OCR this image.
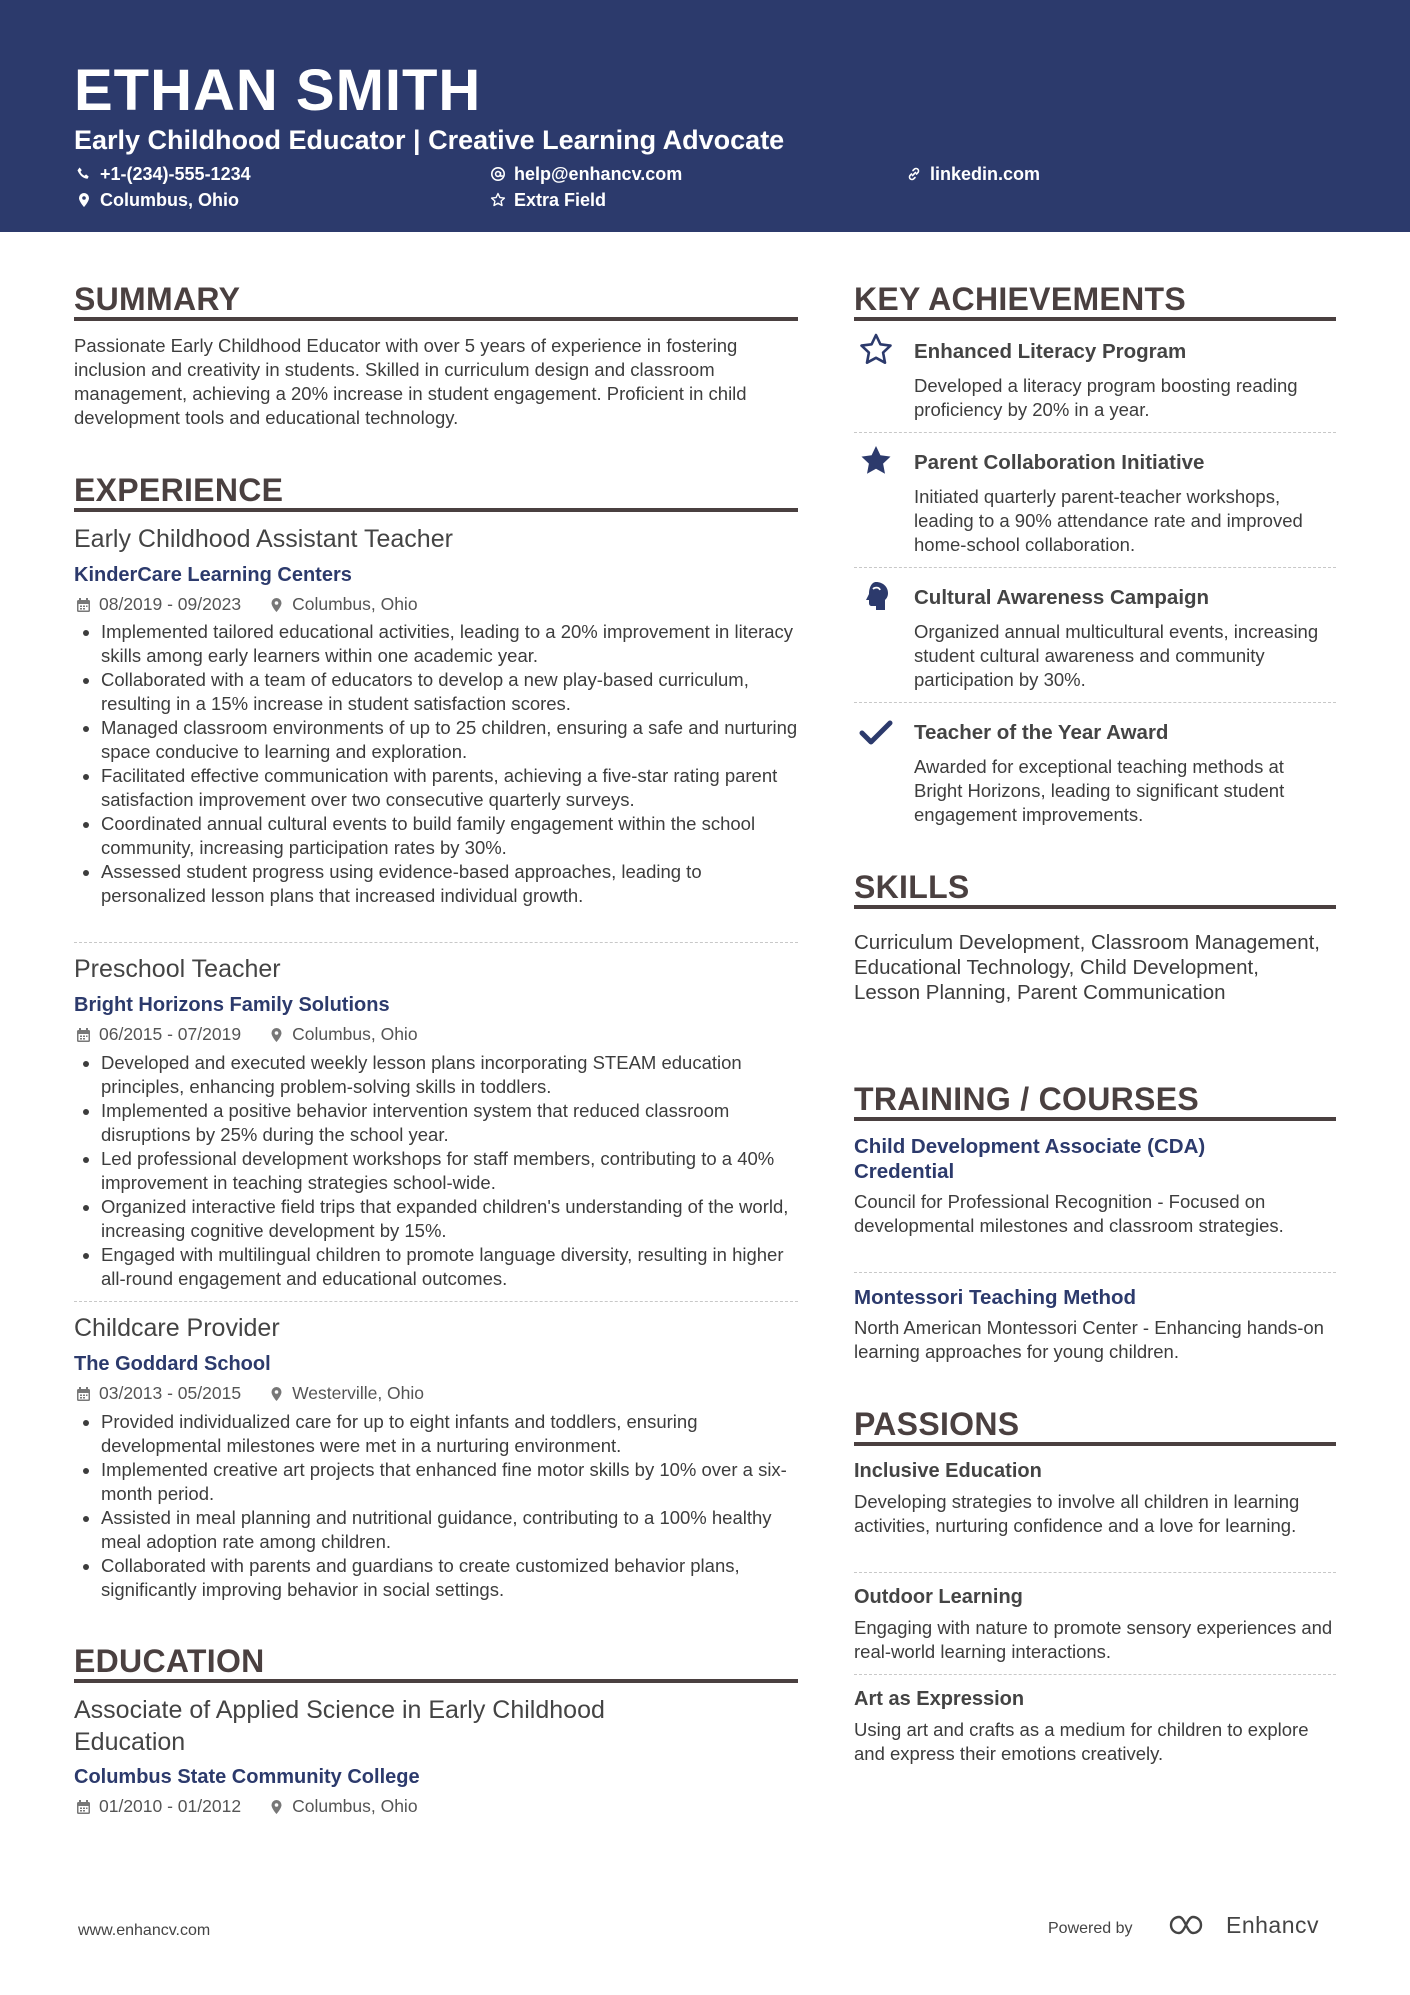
ETHAN SMITH
Early Childhood Educator | Creative Learning Advocate
+1-(234)-555-1234	help@enhancv.com	linkedin.com
Columbus, Ohio	Extra Field
SUMMARY
Passionate Early Childhood Educator with over 5 years of experience in fostering inclusion and creativity in students. Skilled in curriculum design and classroom management, achieving a 20% increase in student engagement. Proficient in child development tools and educational technology.
EXPERIENCE
Early Childhood Assistant Teacher
KinderCare Learning Centers
08/2019 - 09/2023	Columbus, Ohio
• Implemented tailored educational activities, leading to a 20% improvement in literacy skills among early learners within one academic year.
• Collaborated with a team of educators to develop a new play-based curriculum, resulting in a 15% increase in student satisfaction scores.
• Managed classroom environments of up to 25 children, ensuring a safe and nurturing space conducive to learning and exploration.
• Facilitated effective communication with parents, achieving a five-star rating parent satisfaction improvement over two consecutive quarterly surveys.
• Coordinated annual cultural events to build family engagement within the school community, increasing participation rates by 30%.
• Assessed student progress using evidence-based approaches, leading to personalized lesson plans that increased individual growth.
Preschool Teacher
Bright Horizons Family Solutions
06/2015 - 07/2019	Columbus, Ohio
• Developed and executed weekly lesson plans incorporating STEAM education principles, enhancing problem-solving skills in toddlers.
• Implemented a positive behavior intervention system that reduced classroom disruptions by 25% during the school year.
• Led professional development workshops for staff members, contributing to a 40% improvement in teaching strategies school-wide.
• Organized interactive field trips that expanded children's understanding of the world, increasing cognitive development by 15%.
• Engaged with multilingual children to promote language diversity, resulting in higher all-round engagement and educational outcomes.
Childcare Provider
The Goddard School
03/2013 - 05/2015	Westerville, Ohio
• Provided individualized care for up to eight infants and toddlers, ensuring developmental milestones were met in a nurturing environment.
• Implemented creative art projects that enhanced fine motor skills by 10% over a six-month period.
• Assisted in meal planning and nutritional guidance, contributing to a 100% healthy meal adoption rate among children.
• Collaborated with parents and guardians to create customized behavior plans, significantly improving behavior in social settings.
EDUCATION
Associate of Applied Science in Early Childhood
Education
Columbus State Community College
01/2010 - 01/2012	Columbus, Ohio
KEY ACHIEVEMENTS
Enhanced Literacy Program
Developed a literacy program boosting reading proficiency by 20% in a year.
Parent Collaboration Initiative
Initiated quarterly parent-teacher workshops, leading to a 90% attendance rate and improved home-school collaboration.
Cultural Awareness Campaign
Organized annual multicultural events, increasing student cultural awareness and community participation by 30%.
Teacher of the Year Award
Awarded for exceptional teaching methods at Bright Horizons, leading to significant student engagement improvements.
SKILLS
Curriculum Development, Classroom Management, Educational Technology, Child Development, Lesson Planning, Parent Communication
TRAINING / COURSES
Child Development Associate (CDA) Credential
Council for Professional Recognition - Focused on developmental milestones and classroom strategies.
Montessori Teaching Method
North American Montessori Center - Enhancing hands-on learning approaches for young children.
PASSIONS
Inclusive Education
Developing strategies to involve all children in learning activities, nurturing confidence and a love for learning.
Outdoor Learning
Engaging with nature to promote sensory experiences and real-world learning interactions.
Art as Expression
Using art and crafts as a medium for children to explore and express their emotions creatively.
www.enhancv.com	Powered by	Enhancv
